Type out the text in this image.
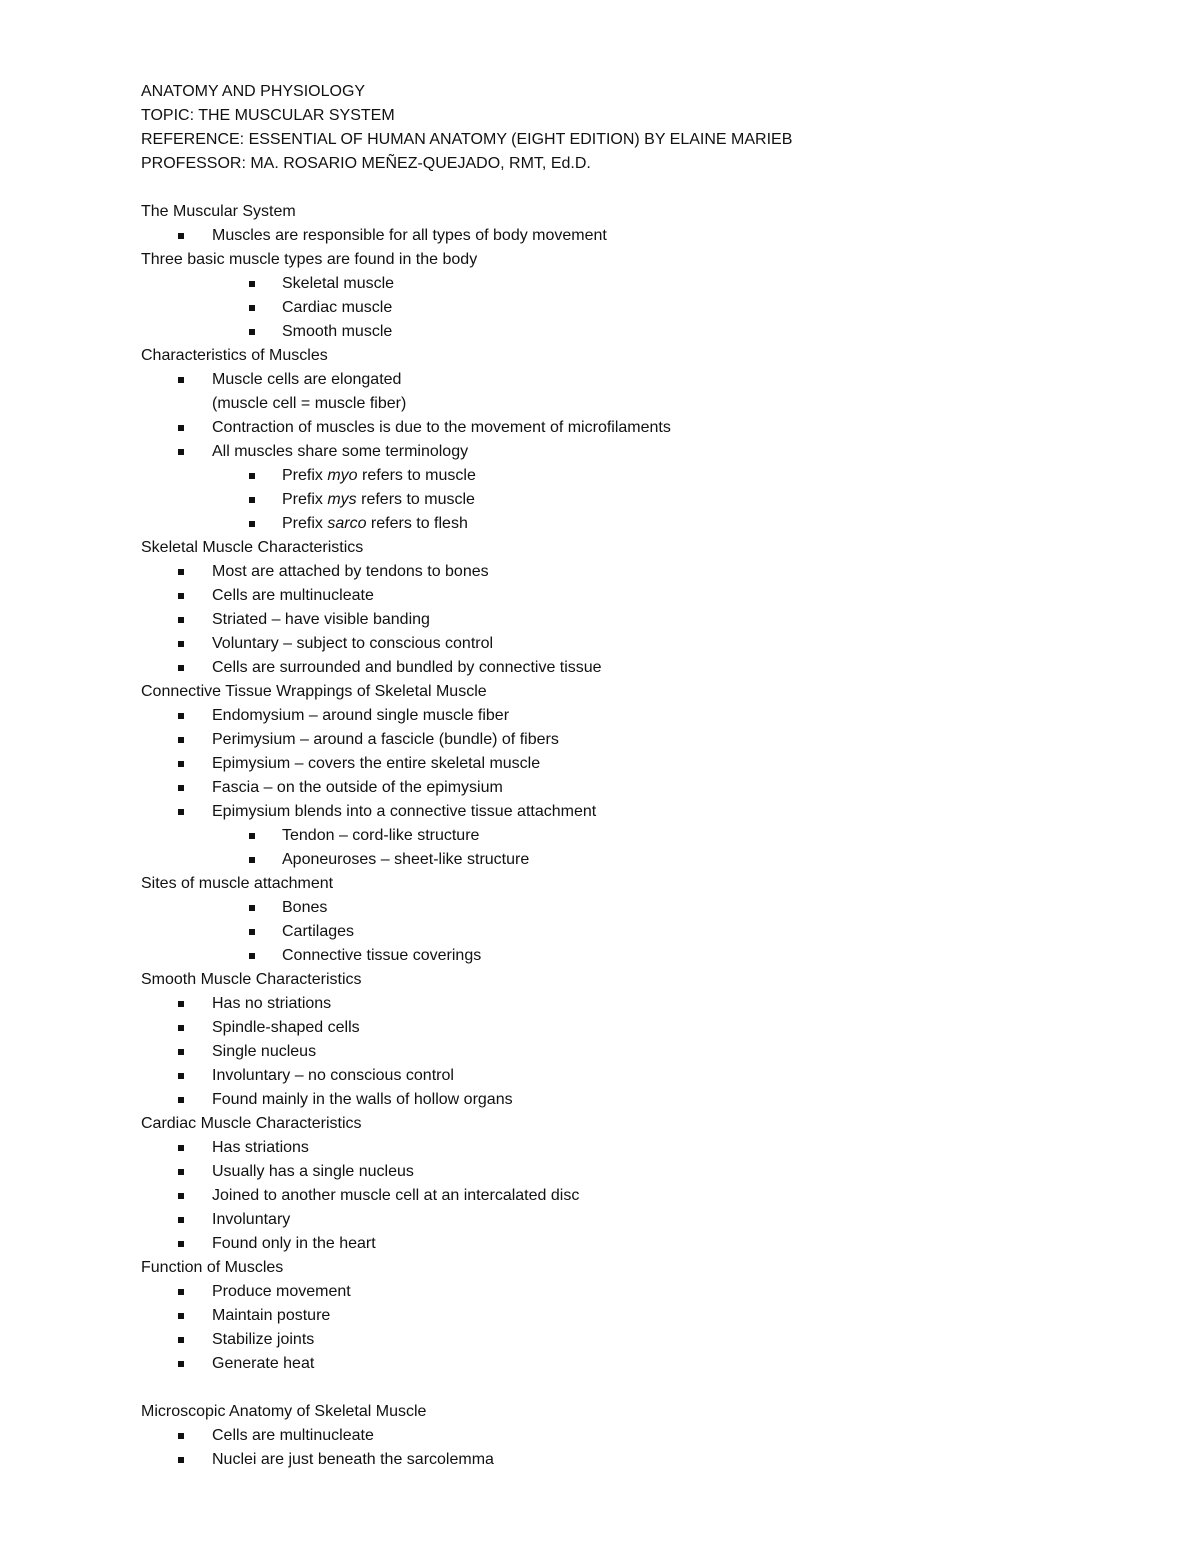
ANATOMY AND PHYSIOLOGY
TOPIC: THE MUSCULAR SYSTEM
REFERENCE: ESSENTIAL OF HUMAN ANATOMY (EIGHT EDITION) BY ELAINE MARIEB
PROFESSOR: MA. ROSARIO MEÑEZ-QUEJADO, RMT, Ed.D.
The Muscular System
Muscles are responsible for all types of body movement
Three basic muscle types are found in the body
Skeletal muscle
Cardiac muscle
Smooth muscle
Characteristics of Muscles
Muscle cells are elongated
(muscle cell = muscle fiber)
Contraction of muscles is due to the movement of microfilaments
All muscles share some terminology
Prefix myo refers to muscle
Prefix mys refers to muscle
Prefix sarco refers to flesh
Skeletal Muscle Characteristics
Most are attached by tendons to bones
Cells are multinucleate
Striated – have visible banding
Voluntary – subject to conscious control
Cells are surrounded and bundled by connective tissue
Connective Tissue Wrappings of Skeletal Muscle
Endomysium – around single muscle fiber
Perimysium – around a fascicle (bundle) of fibers
Epimysium – covers the entire skeletal muscle
Fascia – on the outside of the epimysium
Epimysium blends into a connective tissue attachment
Tendon – cord-like structure
Aponeuroses – sheet-like structure
Sites of muscle attachment
Bones
Cartilages
Connective tissue coverings
Smooth Muscle Characteristics
Has no striations
Spindle-shaped cells
Single nucleus
Involuntary – no conscious control
Found mainly in the walls of hollow organs
Cardiac Muscle Characteristics
Has striations
Usually has a single nucleus
Joined to another muscle cell at an intercalated disc
Involuntary
Found only in the heart
Function of Muscles
Produce movement
Maintain posture
Stabilize joints
Generate heat
Microscopic Anatomy of Skeletal Muscle
Cells are multinucleate
Nuclei are just beneath the sarcolemma
